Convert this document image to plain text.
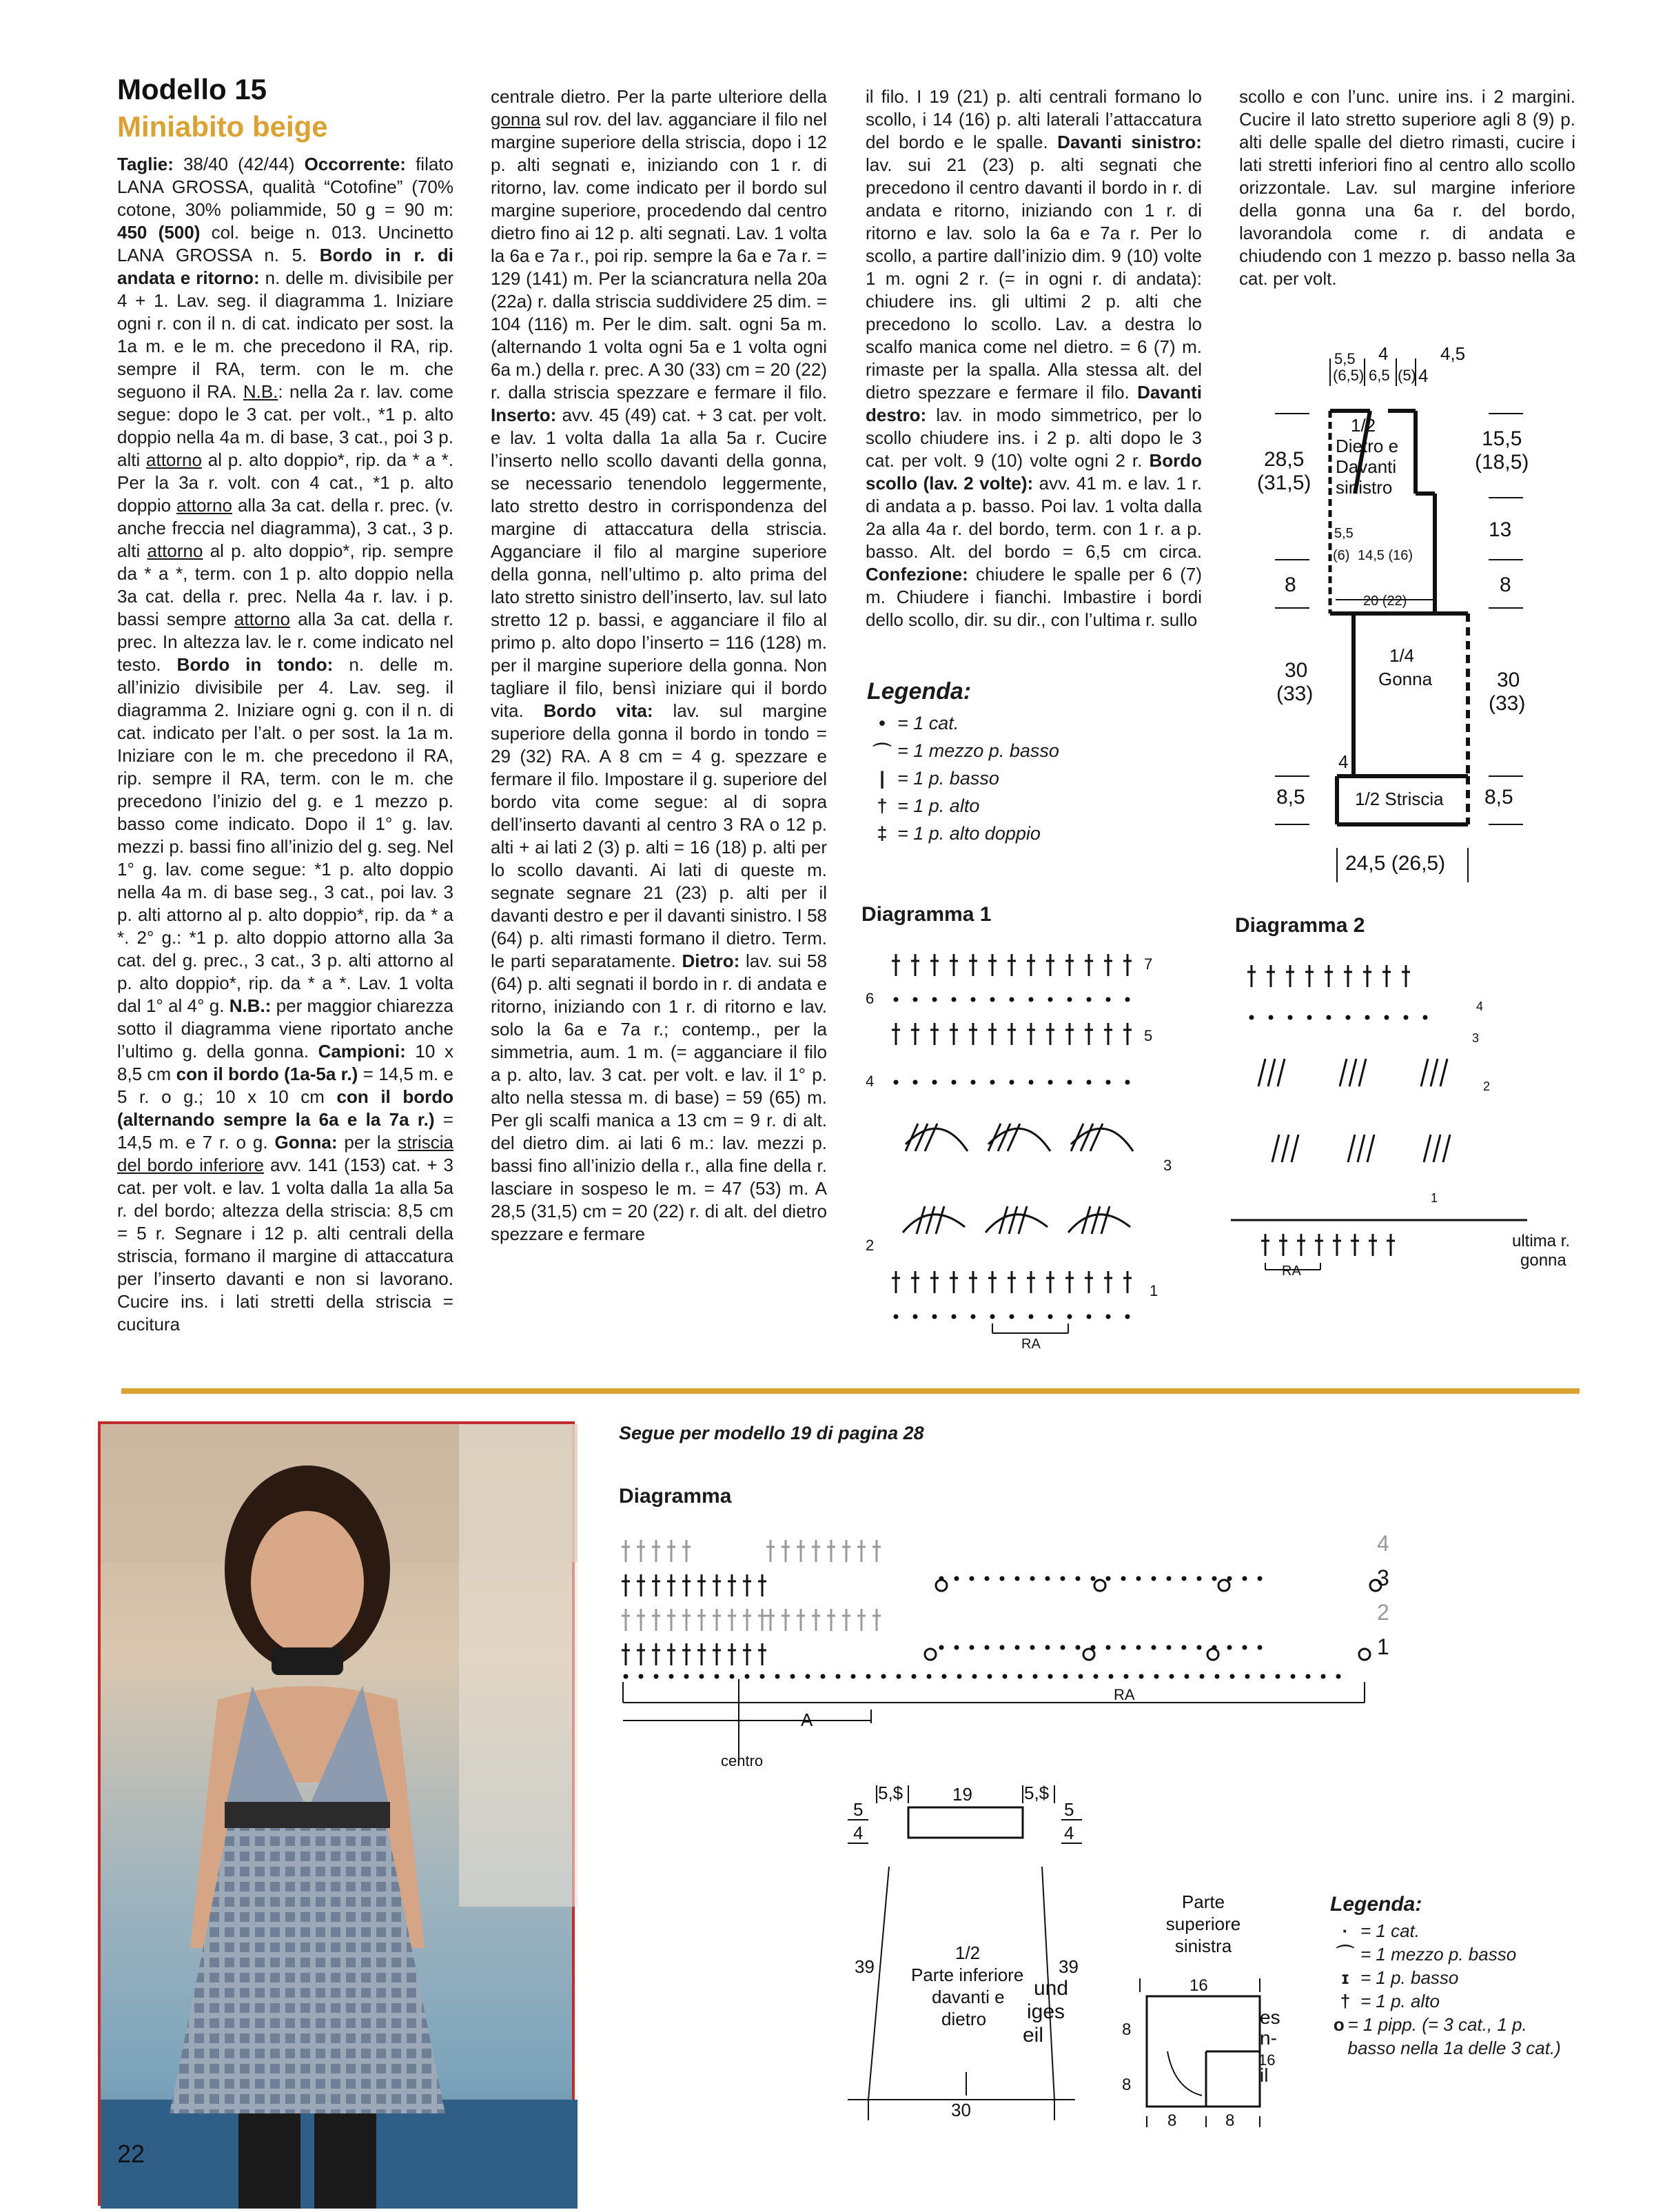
Modello 15
Miniabito beige

Taglie: 38/40 (42/44) Occorrente: filato LANA GROSSA, qualità “Cotofine” (70% cotone, 30% poliammide, 50 g = 90 m: 450 (500) col. beige n. 013. Uncinetto LANA GROSSA n. 5. Bordo in r. di andata e ritorno: n. delle m. divisibile per 4 + 1. Lav. seg. il diagramma 1. Iniziare ogni r. con il n. di cat. indicato per sost. la 1a m. e le m. che precedono il RA, rip. sempre il RA, term. con le m. che seguono il RA. N.B.: nella 2a r. lav. come segue: dopo le 3 cat. per volt., *1 p. alto doppio nella 4a m. di base, 3 cat., poi 3 p. alti attorno al p. alto doppio*, rip. da * a *. Per la 3a r. volt. con 4 cat., *1 p. alto doppio attorno alla 3a cat. della r. prec. (v. anche freccia nel diagramma), 3 cat., 3 p. alti attorno al p. alto doppio*, rip. sempre da * a *, term. con 1 p. alto doppio nella 3a cat. della r. prec. Nella 4a r. lav. i p. bassi sempre attorno alla 3a cat. della r. prec. In altezza lav. le r. come indicato nel testo. Bordo in tondo: n. delle m. all’inizio divisibile per 4. Lav. seg. il diagramma 2. Iniziare ogni g. con il n. di cat. indicato per l’alt. o per sost. la 1a m. Iniziare con le m. che precedono il RA, rip. sempre il RA, term. con le m. che precedono l’inizio del g. e 1 mezzo p. basso come indicato. Dopo il 1° g. lav. mezzi p. bassi fino all’inizio del g. seg. Nel 1° g. lav. come segue: *1 p. alto doppio nella 4a m. di base seg., 3 cat., poi lav. 3 p. alti attorno al p. alto doppio*, rip. da * a *. 2° g.: *1 p. alto doppio attorno alla 3a cat. del g. prec., 3 cat., 3 p. alti attorno al p. alto doppio*, rip. da * a *. Lav. 1 volta dal 1° al 4° g. N.B.: per maggior chiarezza sotto il diagramma viene riportato anche l’ultimo g. della gonna. Campioni: 10 x 8,5 cm con il bordo (1a-5a r.) = 14,5 m. e 5 r. o g.; 10 x 10 cm con il bordo (alternando sempre la 6a e la 7a r.) = 14,5 m. e 7 r. o g. Gonna: per la striscia del bordo inferiore avv. 141 (153) cat. + 3 cat. per volt. e lav. 1 volta dalla 1a alla 5a r. del bordo; altezza della striscia: 8,5 cm = 5 r. Segnare i 12 p. alti centrali della striscia, formano il margine di attaccatura per l’inserto davanti e non si lavorano. Cucire ins. i lati stretti della striscia = cucitura

centrale dietro. Per la parte ulteriore della gonna sul rov. del lav. agganciare il filo nel margine superiore della striscia, dopo i 12 p. alti segnati e, iniziando con 1 r. di ritorno, lav. come indicato per il bordo sul margine superiore, procedendo dal centro dietro fino ai 12 p. alti segnati. Lav. 1 volta la 6a e 7a r., poi rip. sempre la 6a e 7a r. = 129 (141) m. Per la sciancratura nella 20a (22a) r. dalla striscia suddividere 25 dim. = 104 (116) m. Per le dim. salt. ogni 5a m. (alternando 1 volta ogni 5a e 1 volta ogni 6a m.) della r. prec. A 30 (33) cm = 20 (22) r. dalla striscia spezzare e fermare il filo. Inserto: avv. 45 (49) cat. + 3 cat. per volt. e lav. 1 volta dalla 1a alla 5a r. Cucire l’inserto nello scollo davanti della gonna, se necessario tenendolo leggermente, lato stretto destro in corrispondenza del margine di attaccatura della striscia. Agganciare il filo al margine superiore della gonna, nell’ultimo p. alto prima del lato stretto sinistro dell’inserto, lav. sul lato stretto 12 p. bassi, e agganciare il filo al primo p. alto dopo l’inserto = 116 (128) m. per il margine superiore della gonna. Non tagliare il filo, bensì iniziare qui il bordo vita. Bordo vita: lav. sul margine superiore della gonna il bordo in tondo = 29 (32) RA. A 8 cm = 4 g. spezzare e fermare il filo. Impostare il g. superiore del bordo vita come segue: al di sopra dell’inserto davanti al centro 3 RA o 12 p. alti + ai lati 2 (3) p. alti = 16 (18) p. alti per lo scollo davanti. Ai lati di queste m. segnate segnare 21 (23) p. alti per il davanti destro e per il davanti sinistro. I 58 (64) p. alti rimasti formano il dietro. Term. le parti separatamente. Dietro: lav. sui 58 (64) p. alti segnati il bordo in r. di andata e ritorno, iniziando con 1 r. di ritorno e lav. solo la 6a e 7a r.; contemp., per la simmetria, aum. 1 m. (= agganciare il filo a p. alto, lav. 3 cat. per volt. e lav. il 1° p. alto nella stessa m. di base) = 59 (65) m. Per gli scalfi manica a 13 cm = 9 r. di alt. del dietro dim. ai lati 6 m.: lav. mezzi p. bassi fino all’inizio della r., alla fine della r. lasciare in sospeso le m. = 47 (53) m. A 28,5 (31,5) cm = 20 (22) r. di alt. del dietro spezzare e fermare

il filo. I 19 (21) p. alti centrali formano lo scollo, i 14 (16) p. alti laterali l’attaccatura del bordo e le spalle. Davanti sinistro: lav. sui 21 (23) p. alti segnati che precedono il centro davanti il bordo in r. di andata e ritorno, iniziando con 1 r. di ritorno e lav. solo la 6a e 7a r. Per lo scollo, a partire dall’inizio dim. 9 (10) volte 1 m. ogni 2 r. (= in ogni r. di andata): chiudere ins. gli ultimi 2 p. alti che precedono lo scollo. Lav. a destra lo scalfo manica come nel dietro. = 6 (7) m. rimaste per la spalla. Alla stessa alt. del dietro spezzare e fermare il filo. Davanti destro: lav. in modo simmetrico, per lo scollo chiudere ins. i 2 p. alti dopo le 3 cat. per volt. 9 (10) volte ogni 2 r. Bordo scollo (lav. 2 volte): avv. 41 m. e lav. 1 r. di andata a p. basso. Poi lav. 1 volta dalla 2a alla 4a r. del bordo, term. con 1 r. a p. basso. Alt. del bordo = 6,5 cm circa. Confezione: chiudere le spalle per 6 (7) m. Chiudere i fianchi. Imbastire i bordi dello scollo, dir. su dir., con l’ultima r. sullo

scollo e con l’unc. unire ins. i 2 margini. Cucire il lato stretto superiore agli 8 (9) p. alti delle spalle del dietro rimasti, cucire i lati stretti inferiori fino al centro allo scollo orizzontale. Lav. sul margine inferiore della gonna una 6a r. del bordo, lavorandola come r. di andata e chiudendo con 1 mezzo p. basso nella 3a cat. per volt.

Legenda:
• = 1 cat.
⌒ = 1 mezzo p. basso
| = 1 p. basso
† = 1 p. alto
‡ = 1 p. alto doppio
5,5
(6,5) 6,5 (5)
4
4
4,5
1/2
Dietro e
Davanti
sinistro
28,5
(31,5)
15,5
(18,5)
13
5,5
(6) 14,5 (16)
8	8
20 (22)
30
(33)
30
(33)
1/4
Gonna
4
8,5	8,5
1/2 Striscia
24,5 (26,5)
Diagramma 1
RA
7
6
5
4
3
2
1
Diagramma 2
RA
4
3
2
1
ultima r.
gonna
22
Segue per modello 19 di pagina 28
Diagramma
A
RA
centro
4
3
2
1
5,$	19	5,$
5
4
5
4
39	39
1/2
Parte inferiore
davanti e
dietro
30
und
iges
eil
Parte
superiore
sinistra
16
8
8
8	8
es
n-
16
il
Legenda:
· = 1 cat.
⌒ = 1 mezzo p. basso
ɪ = 1 p. basso
† = 1 p. alto
o = 1 pipp. (= 3 cat., 1 p. basso nella 1a delle 3 cat.)
